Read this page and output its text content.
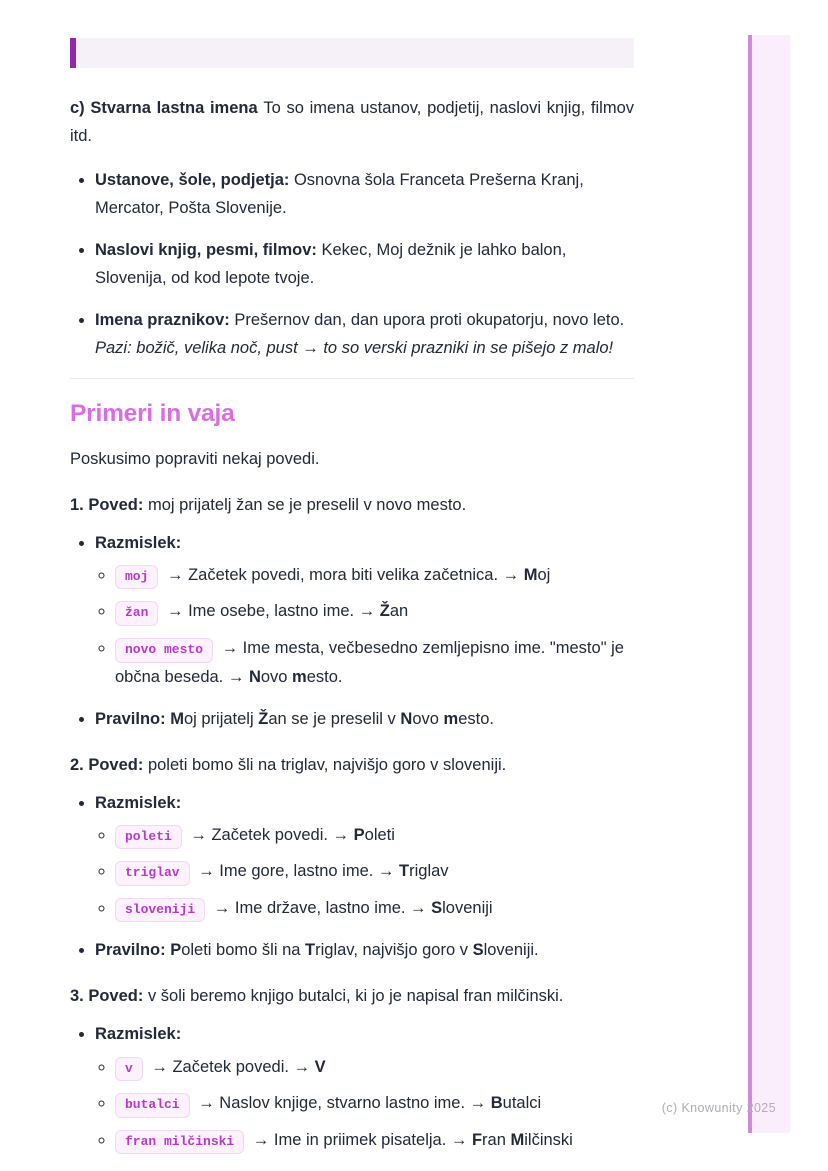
(c) Knowunity 2025

c) Stvarna lastna imena To so imena ustanov, podjetij, naslovi knjig, filmov itd.

• Ustanove, šole, podjetja: Osnovna šola Franceta Prešerna Kranj, Mercator, Pošta Slovenije.
• Naslovi knjig, pesmi, filmov: Kekec, Moj dežnik je lahko balon, Slovenija, od kod lepote tvoje.
• Imena praznikov: Prešernov dan, dan upora proti okupatorju, novo leto.
Pazi: božič, velika noč, pust → to so verski prazniki in se pišejo z malo!
Primeri in vaja

Poskusimo popraviti nekaj povedi.

1. Poved: moj prijatelj žan se je preselil v novo mesto.

• Razmislek:
◦ moj → Začetek povedi, mora biti velika začetnica. → Moj
◦ žan → Ime osebe, lastno ime. → Žan
◦ novo mesto → Ime mesta, večbesedno zemljepisno ime. "mesto" je občna beseda. → Novo mesto.
• Pravilno: Moj prijatelj Žan se je preselil v Novo mesto.

2. Poved: poleti bomo šli na triglav, najvišjo goro v sloveniji.

• Razmislek:
◦ poleti → Začetek povedi. → Poleti
◦ triglav → Ime gore, lastno ime. → Triglav
◦ sloveniji → Ime države, lastno ime. → Sloveniji
• Pravilno: Poleti bomo šli na Triglav, najvišjo goro v Sloveniji.

3. Poved: v šoli beremo knjigo butalci, ki jo je napisal fran milčinski.

• Razmislek:
◦ v → Začetek povedi. → V
◦ butalci → Naslov knjige, stvarno lastno ime. → Butalci
◦ fran milčinski → Ime in priimek pisatelja. → Fran Milčinski
